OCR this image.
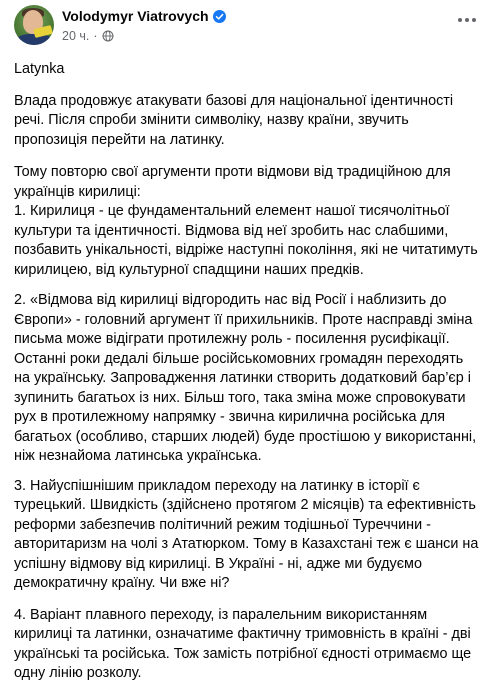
Volodymyr Viatrovych
20 ч. ·

Latynka

Влада продовжує атакувати базові для національної ідентичності речі. Після спроби змінити символіку, назву країни, звучить пропозиція перейти на латинку.

Тому повторю свої аргументи проти відмови від традиційною для українців кирилиці:

1. Кирилиця - це фундаментальний елемент нашої тисячолітньої культури та ідентичності. Відмова від неї зробить нас слабшими, позбавить унікальності, відріже наступні покоління, які не читатимуть кирилицею, від культурної спадщини наших предків.

2. «Відмова від кирилиці відгородить нас від Росії і наблизить до Європи» - головний аргумент її прихильників. Проте насправді зміна письма може відіграти протилежну роль - посилення русифікації. Останні роки дедалі більше російськомовних громадян переходять на українську. Запровадження латинки створить додатковий бар’єр і зупинить багатьох із них. Більш того, така зміна може спровокувати рух в протилежному напрямку - звична кирилична російська для багатьох (особливо, старших людей) буде простішою у використанні, ніж незнайома латинська українська.

3. Найуспішнішим прикладом переходу на латинку в історії є турецький. Швидкість (здійснено протягом 2 місяців) та ефективність реформи забезпечив політичний режим тодішньої Туреччини - авторитаризм на чолі з Ататюрком. Тому в Казахстані теж є шанси на успішну відмову від кирилиці. В Україні - ні, адже ми будуємо демократичну країну. Чи вже ні?

4. Варіант плавного переходу, із паралельним використанням кирилиці та латинки, означатиме фактичну тримовність в країні - дві українські та російська. Тож замість потрібної єдності отримаємо ще одну лінію розколу.
